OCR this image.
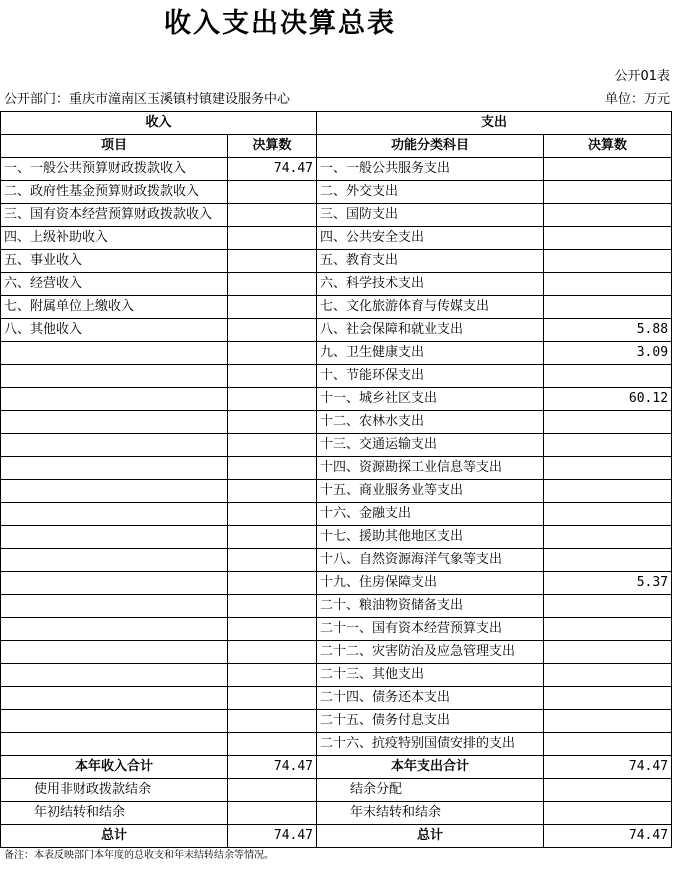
收入支出决算总表
公开01表
公开部门：重庆市潼南区玉溪镇村镇建设服务中心	单位：万元
收入		支出	
项目	决算数	功能分类科目	决算数
一、一般公共预算财政拨款收入	74.47	一、一般公共服务支出	
二、政府性基金预算财政拨款收入		二、外交支出	
三、国有资本经营预算财政拨款收入		三、国防支出	
四、上级补助收入		四、公共安全支出	
五、事业收入		五、教育支出	
六、经营收入		六、科学技术支出	
七、附属单位上缴收入		七、文化旅游体育与传媒支出	
八、其他收入		八、社会保障和就业支出	5.88
		九、卫生健康支出	3.09
		十、节能环保支出	
		十一、城乡社区支出	60.12
		十二、农林水支出	
		十三、交通运输支出	
		十四、资源勘探工业信息等支出	
		十五、商业服务业等支出	
		十六、金融支出	
		十七、援助其他地区支出	
		十八、自然资源海洋气象等支出	
		十九、住房保障支出	5.37
		二十、粮油物资储备支出	
		二十一、国有资本经营预算支出	
		二十二、灾害防治及应急管理支出	
		二十三、其他支出	
		二十四、债务还本支出	
		二十五、债务付息支出	
		二十六、抗疫特别国债安排的支出	
本年收入合计	74.47	本年支出合计	74.47
使用非财政拨款结余		结余分配	
年初结转和结余		年末结转和结余	
总计	74.47	总计	74.47
备注：本表反映部门本年度的总收支和年末结转结余等情况。
